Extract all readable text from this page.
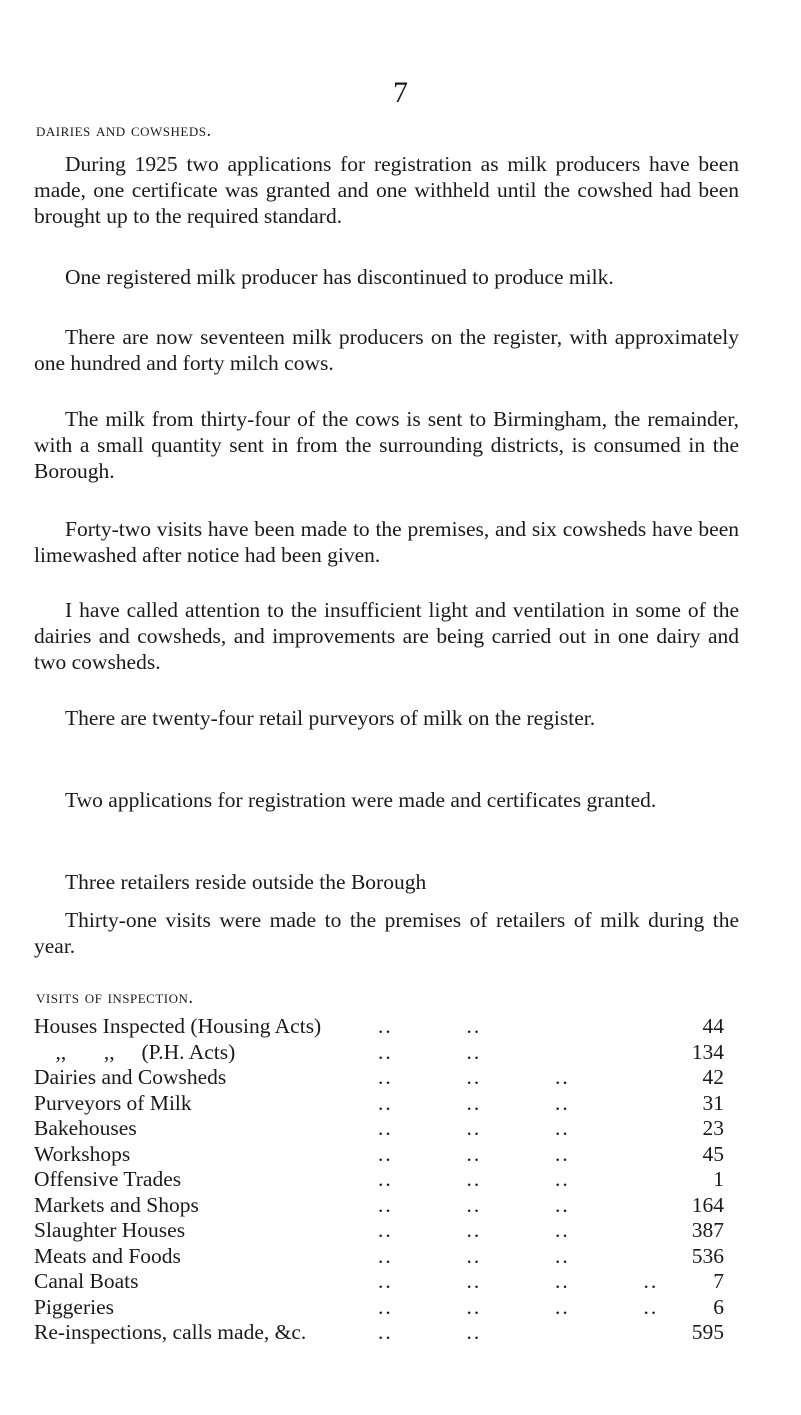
7
dairies and cowsheds.

During 1925 two applications for registration as milk producers have been made, one certificate was granted and one withheld until the cowshed had been brought up to the required standard.

One registered milk producer has discontinued to produce milk.

There are now seventeen milk producers on the register, with approximately one hundred and forty milch cows.

The milk from thirty-four of the cows is sent to Birmingham, the remainder, with a small quantity sent in from the surrounding districts, is consumed in the Borough.

Forty-two visits have been made to the premises, and six cowsheds have been limewashed after notice had been given.

I have called attention to the insufficient light and ventilation in some of the dairies and cowsheds, and improvements are being carried out in one dairy and two cowsheds.

There are twenty-four retail purveyors of milk on the register.

Two applications for registration were made and certificates granted.

Three retailers reside outside the Borough

Thirty-one visits were made to the premises of retailers of milk during the year.

visits of inspection.
Houses Inspected (Housing Acts)	..          ..	44
,,       ,,     (P.H. Acts)	..          ..	134
Dairies and Cowsheds	..          ..          ..	42
Purveyors of Milk	..          ..          ..	31
Bakehouses	..          ..          ..	23
Workshops	..          ..          ..	45
Offensive Trades	..          ..          ..	1
Markets and Shops	..          ..          ..	164
Slaughter Houses	..          ..          ..	387
Meats and Foods	..          ..          ..	536
Canal Boats	..          ..          ..          ..	7
Piggeries	..          ..          ..          ..	6
Re-inspections, calls made, &c.	..          ..	595
